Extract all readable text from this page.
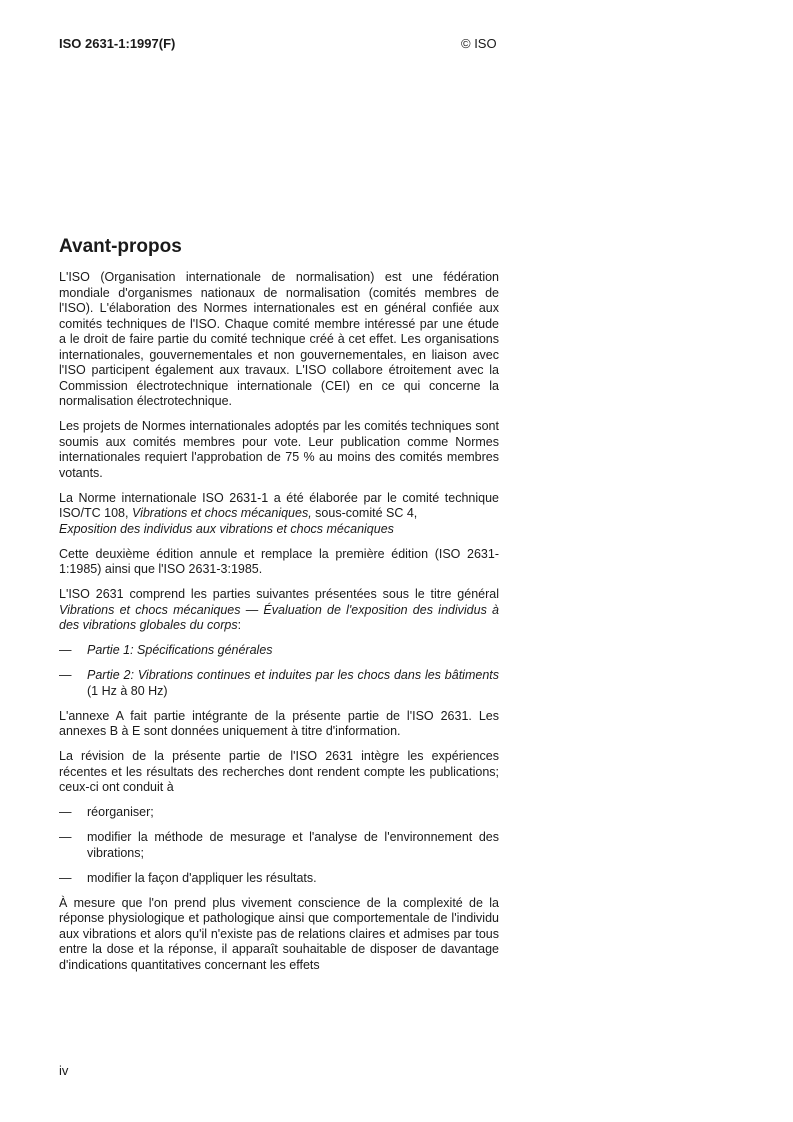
ISO 2631-1:1997(F)	© ISO
Avant-propos

L'ISO (Organisation internationale de normalisation) est une fédération mondiale d'organismes nationaux de normalisation (comités membres de l'ISO). L'élaboration des Normes internationales est en général confiée aux comités techniques de l'ISO. Chaque comité membre intéressé par une étude a le droit de faire partie du comité technique créé à cet effet. Les organisations internationales, gouvernementales et non gouvernementales, en liaison avec l'ISO participent également aux travaux. L'ISO collabore étroitement avec la Commission électrotechnique internationale (CEI) en ce qui concerne la normalisation électrotechnique.

Les projets de Normes internationales adoptés par les comités techniques sont soumis aux comités membres pour vote. Leur publication comme Normes internationales requiert l'approbation de 75 % au moins des comités membres votants.

La Norme internationale ISO 2631-1 a été élaborée par le comité technique ISO/TC 108, Vibrations et chocs mécaniques, sous-comité SC 4,
Exposition des individus aux vibrations et chocs mécaniques

Cette deuxième édition annule et remplace la première édition (ISO 2631-1:1985) ainsi que l'ISO 2631-3:1985.

L'ISO 2631 comprend les parties suivantes présentées sous le titre général Vibrations et chocs mécaniques — Évaluation de l'exposition des individus à des vibrations globales du corps:

—	Partie 1: Spécifications générales
—	Partie 2: Vibrations continues et induites par les chocs dans les bâtiments (1 Hz à 80 Hz)

L'annexe A fait partie intégrante de la présente partie de l'ISO 2631. Les annexes B à E sont données uniquement à titre d'information.

La révision de la présente partie de l'ISO 2631 intègre les expériences récentes et les résultats des recherches dont rendent compte les publications; ceux-ci ont conduit à

—	réorganiser;
—	modifier la méthode de mesurage et l'analyse de l'environnement des vibrations;
—	modifier la façon d'appliquer les résultats.

À mesure que l'on prend plus vivement conscience de la complexité de la réponse physiologique et pathologique ainsi que comportementale de l'individu aux vibrations et alors qu'il n'existe pas de relations claires et admises par tous entre la dose et la réponse, il apparaît souhaitable de disposer de davantage d'indications quantitatives concernant les effets

iv
